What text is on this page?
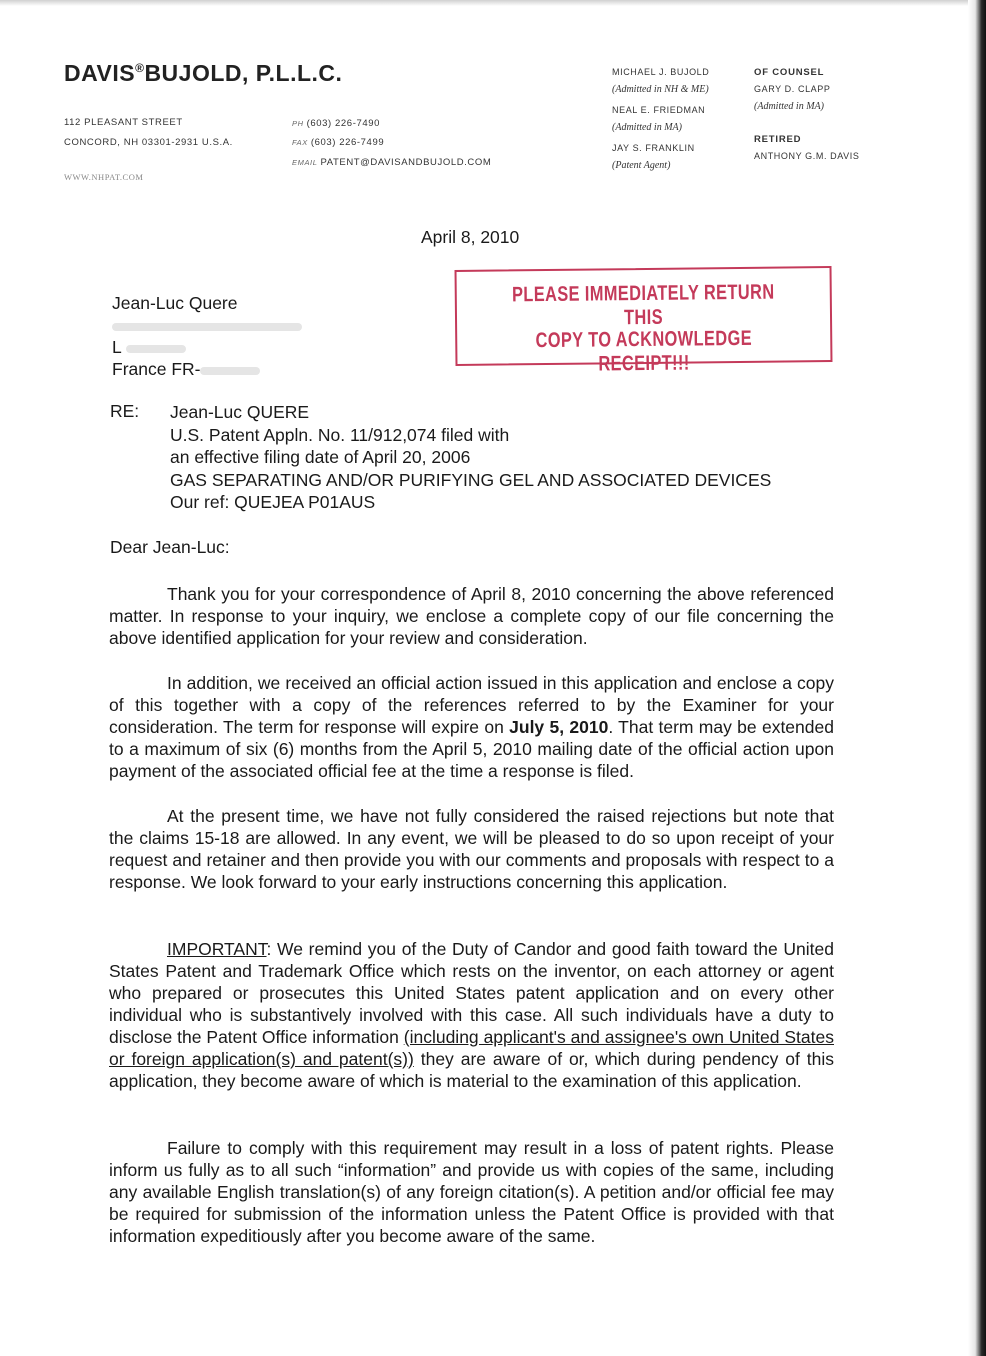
DAVIS®BUJOLD, P.L.L.C.
112 PLEASANT STREET
CONCORD, NH 03301-2931 U.S.A.
WWW.NHPAT.COM
PH (603) 226-7490
FAX (603) 226-7499
EMAIL PATENT@DAVISANDBUJOLD.COM
MICHAEL J. BUJOLD
(Admitted in NH & ME)
NEAL E. FRIEDMAN
(Admitted in MA)
JAY S. FRANKLIN
(Patent Agent)
OF COUNSEL
GARY D. CLAPP
(Admitted in MA)
RETIRED
ANTHONY G.M. DAVIS
April 8, 2010
Jean-Luc Quere
L
France FR-
PLEASE IMMEDIATELY RETURN THIS
COPY TO ACKNOWLEDGE RECEIPT!!!
RE: Jean-Luc QUERE
U.S. Patent Appln. No. 11/912,074 filed with
an effective filing date of April 20, 2006
GAS SEPARATING AND/OR PURIFYING GEL AND ASSOCIATED DEVICES
Our ref: QUEJEA P01AUS
Dear Jean-Luc:
Thank you for your correspondence of April 8, 2010 concerning the above referenced matter. In response to your inquiry, we enclose a complete copy of our file concerning the above identified application for your review and consideration.
In addition, we received an official action issued in this application and enclose a copy of this together with a copy of the references referred to by the Examiner for your consideration. The term for response will expire on July 5, 2010. That term may be extended to a maximum of six (6) months from the April 5, 2010 mailing date of the official action upon payment of the associated official fee at the time a response is filed.
At the present time, we have not fully considered the raised rejections but note that the claims 15-18 are allowed. In any event, we will be pleased to do so upon receipt of your request and retainer and then provide you with our comments and proposals with respect to a response. We look forward to your early instructions concerning this application.
IMPORTANT: We remind you of the Duty of Candor and good faith toward the United States Patent and Trademark Office which rests on the inventor, on each attorney or agent who prepared or prosecutes this United States patent application and on every other individual who is substantively involved with this case. All such individuals have a duty to disclose the Patent Office information (including applicant's and assignee's own United States or foreign application(s) and patent(s)) they are aware of or, which during pendency of this application, they become aware of which is material to the examination of this application.
Failure to comply with this requirement may result in a loss of patent rights. Please inform us fully as to all such “information” and provide us with copies of the same, including any available English translation(s) of any foreign citation(s). A petition and/or official fee may be required for submission of the information unless the Patent Office is provided with that information expeditiously after you become aware of the same.
